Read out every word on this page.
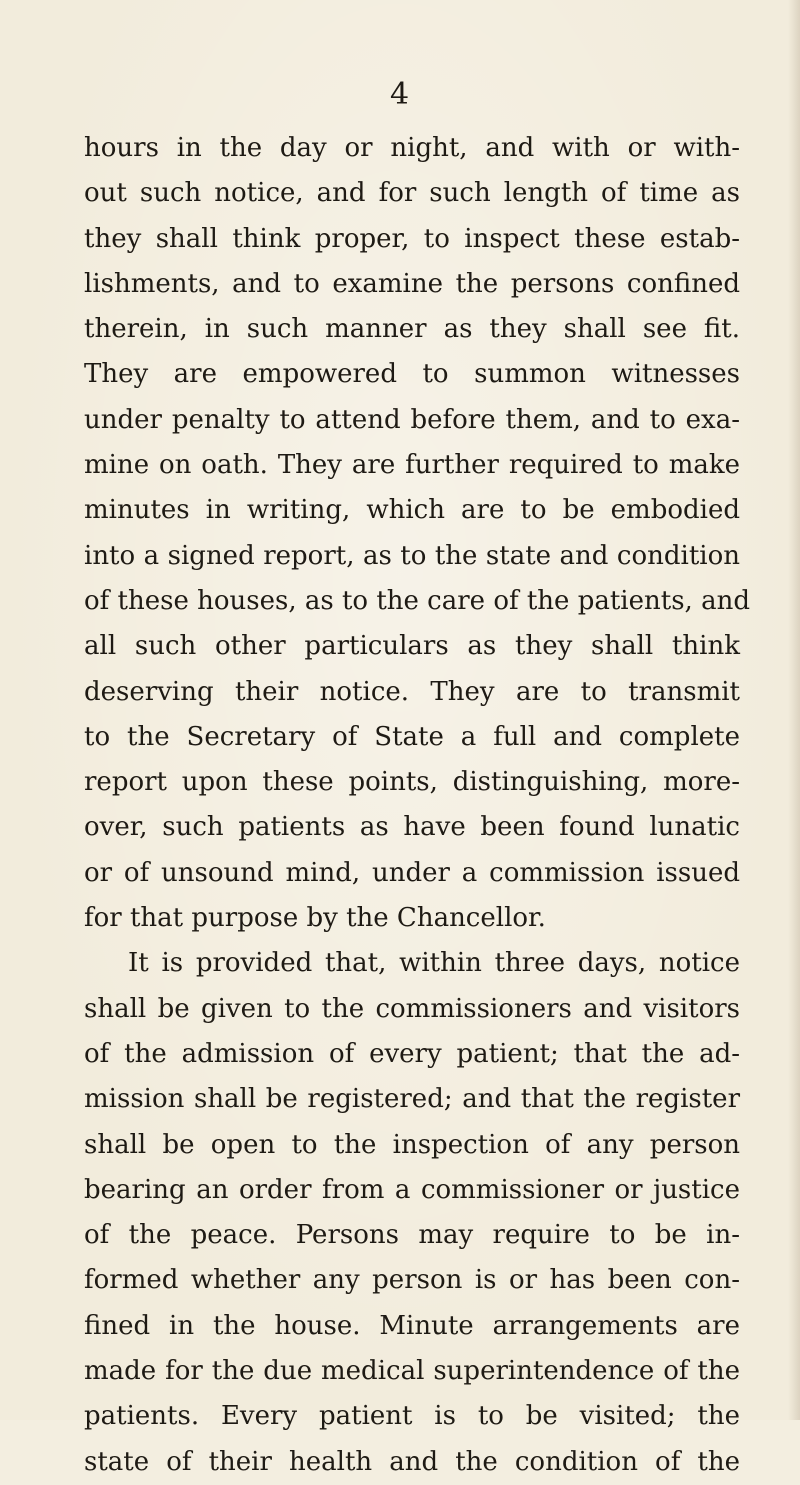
4
hours in the day or night, and with or with-
out such notice, and for such length of time as
they shall think proper, to inspect these estab-
lishments, and to examine the persons confined
therein, in such manner as they shall see fit.
They are empowered to summon witnesses
under penalty to attend before them, and to exa-
mine on oath. They are further required to make
minutes in writing, which are to be embodied
into a signed report, as to the state and condition
of these houses, as to the care of the patients, and
all such other particulars as they shall think
deserving their notice. They are to transmit
to the Secretary of State a full and complete
report upon these points, distinguishing, more-
over, such patients as have been found lunatic
or of unsound mind, under a commission issued
for that purpose by the Chancellor.
It is provided that, within three days, notice
shall be given to the commissioners and visitors
of the admission of every patient; that the ad-
mission shall be registered; and that the register
shall be open to the inspection of any person
bearing an order from a commissioner or justice
of the peace. Persons may require to be in-
formed whether any person is or has been con-
fined in the house. Minute arrangements are
made for the due medical superintendence of the
patients. Every patient is to be visited; the
state of their health and the condition of the
